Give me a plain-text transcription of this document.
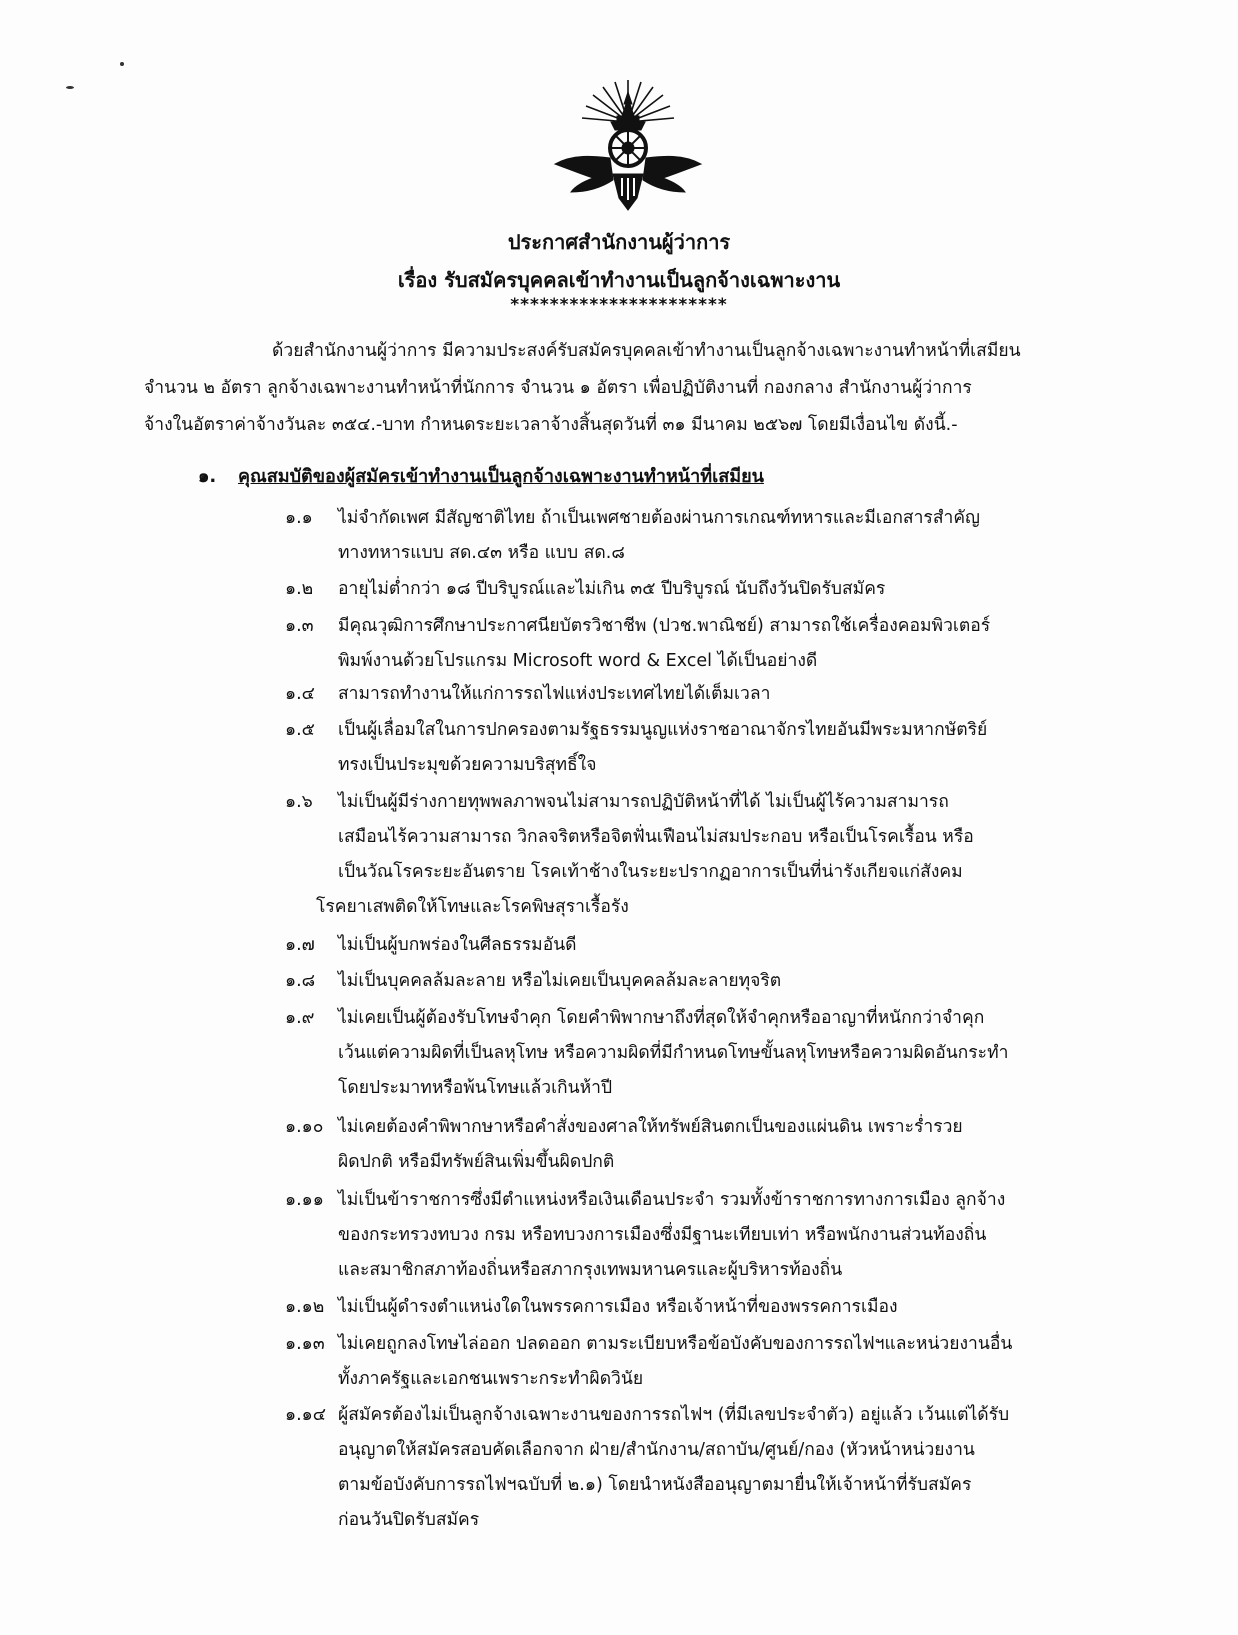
ประกาศสำนักงานผู้ว่าการ
เรื่อง รับสมัครบุคคลเข้าทำงานเป็นลูกจ้างเฉพาะงาน
**********************
ด้วยสำนักงานผู้ว่าการ มีความประสงค์รับสมัครบุคคลเข้าทำงานเป็นลูกจ้างเฉพาะงานทำหน้าที่เสมียน
จำนวน ๒ อัตรา ลูกจ้างเฉพาะงานทำหน้าที่นักการ จำนวน ๑ อัตรา เพื่อปฏิบัติงานที่ กองกลาง สำนักงานผู้ว่าการ
จ้างในอัตราค่าจ้างวันละ ๓๕๔.-บาท กำหนดระยะเวลาจ้างสิ้นสุดวันที่ ๓๑ มีนาคม ๒๕๖๗ โดยมีเงื่อนไข ดังนี้.-
๑. คุณสมบัติของผู้สมัครเข้าทำงานเป็นลูกจ้างเฉพาะงานทำหน้าที่เสมียน
๑.๑ ไม่จำกัดเพศ มีสัญชาติไทย ถ้าเป็นเพศชายต้องผ่านการเกณฑ์ทหารและมีเอกสารสำคัญ
ทางทหารแบบ สด.๔๓ หรือ แบบ สด.๘
๑.๒ อายุไม่ต่ำกว่า ๑๘ ปีบริบูรณ์และไม่เกิน ๓๕ ปีบริบูรณ์ นับถึงวันปิดรับสมัคร
๑.๓ มีคุณวุฒิการศึกษาประกาศนียบัตรวิชาชีพ (ปวช.พาณิชย์) สามารถใช้เครื่องคอมพิวเตอร์
พิมพ์งานด้วยโปรแกรม Microsoft word & Excel ได้เป็นอย่างดี
๑.๔ สามารถทำงานให้แก่การรถไฟแห่งประเทศไทยได้เต็มเวลา
๑.๕ เป็นผู้เลื่อมใสในการปกครองตามรัฐธรรมนูญแห่งราชอาณาจักรไทยอันมีพระมหากษัตริย์
ทรงเป็นประมุขด้วยความบริสุทธิ์ใจ
๑.๖ ไม่เป็นผู้มีร่างกายทุพพลภาพจนไม่สามารถปฏิบัติหน้าที่ได้ ไม่เป็นผู้ไร้ความสามารถ
เสมือนไร้ความสามารถ วิกลจริตหรือจิตฟั่นเฟือนไม่สมประกอบ หรือเป็นโรคเรื้อน หรือ
เป็นวัณโรคระยะอันตราย โรคเท้าช้างในระยะปรากฏอาการเป็นที่น่ารังเกียจแก่สังคม
โรคยาเสพติดให้โทษและโรคพิษสุราเรื้อรัง
๑.๗ ไม่เป็นผู้บกพร่องในศีลธรรมอันดี
๑.๘ ไม่เป็นบุคคลล้มละลาย หรือไม่เคยเป็นบุคคลล้มละลายทุจริต
๑.๙ ไม่เคยเป็นผู้ต้องรับโทษจำคุก โดยคำพิพากษาถึงที่สุดให้จำคุกหรืออาญาที่หนักกว่าจำคุก
เว้นแต่ความผิดที่เป็นลหุโทษ หรือความผิดที่มีกำหนดโทษขั้นลหุโทษหรือความผิดอันกระทำ
โดยประมาทหรือพ้นโทษแล้วเกินห้าปี
๑.๑๐ ไม่เคยต้องคำพิพากษาหรือคำสั่งของศาลให้ทรัพย์สินตกเป็นของแผ่นดิน เพราะร่ำรวย
ผิดปกติ หรือมีทรัพย์สินเพิ่มขึ้นผิดปกติ
๑.๑๑ ไม่เป็นข้าราชการซึ่งมีตำแหน่งหรือเงินเดือนประจำ รวมทั้งข้าราชการทางการเมือง ลูกจ้าง
ของกระทรวงทบวง กรม หรือทบวงการเมืองซึ่งมีฐานะเทียบเท่า หรือพนักงานส่วนท้องถิ่น
และสมาชิกสภาท้องถิ่นหรือสภากรุงเทพมหานครและผู้บริหารท้องถิ่น
๑.๑๒ ไม่เป็นผู้ดำรงตำแหน่งใดในพรรคการเมือง หรือเจ้าหน้าที่ของพรรคการเมือง
๑.๑๓ ไม่เคยถูกลงโทษไล่ออก ปลดออก ตามระเบียบหรือข้อบังคับของการรถไฟฯและหน่วยงานอื่น
ทั้งภาครัฐและเอกชนเพราะกระทำผิดวินัย
๑.๑๔ ผู้สมัครต้องไม่เป็นลูกจ้างเฉพาะงานของการรถไฟฯ (ที่มีเลขประจำตัว) อยู่แล้ว เว้นแต่ได้รับ
อนุญาตให้สมัครสอบคัดเลือกจาก ฝ่าย/สำนักงาน/สถาบัน/ศูนย์/กอง (หัวหน้าหน่วยงาน
ตามข้อบังคับการรถไฟฯฉบับที่ ๒.๑) โดยนำหนังสืออนุญาตมายื่นให้เจ้าหน้าที่รับสมัคร
ก่อนวันปิดรับสมัคร
